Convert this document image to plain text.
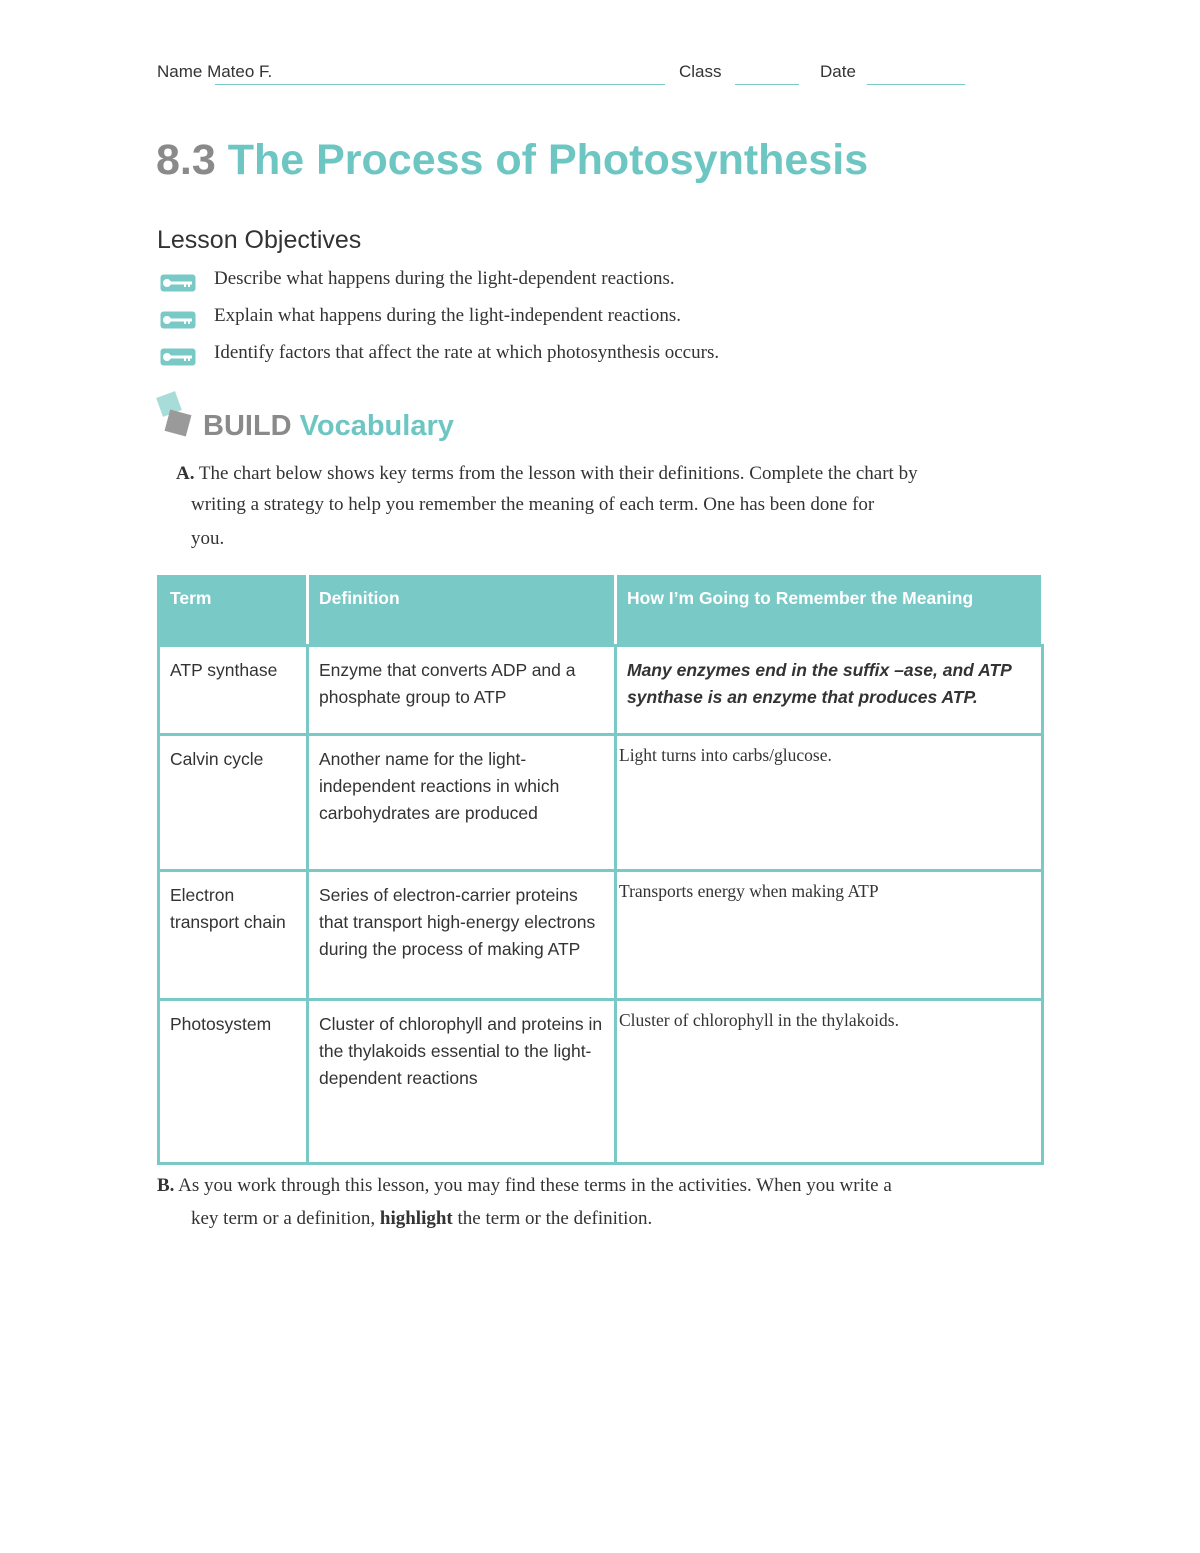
Name Mateo F.	Class	Date
8.3 The Process of Photosynthesis
Lesson Objectives
Describe what happens during the light-dependent reactions.
Explain what happens during the light-independent reactions.
Identify factors that affect the rate at which photosynthesis occurs.
BUILD Vocabulary
A. The chart below shows key terms from the lesson with their definitions. Complete the chart by
writing a strategy to help you remember the meaning of each term. One has been done for
you.
Term	Definition	How I’m Going to Remember the Meaning
ATP synthase	Enzyme that converts ADP and a phosphate group to ATP	Many enzymes end in the suffix –ase, and ATP synthase is an enzyme that produces ATP.
Calvin cycle	Another name for the light-independent reactions in which carbohydrates are produced	Light turns into carbs/glucose.
Electron transport chain	Series of electron-carrier proteins that transport high-energy electrons during the process of making ATP	Transports energy when making ATP
Photosystem	Cluster of chlorophyll and proteins in the thylakoids essential to the light-dependent reactions	Cluster of chlorophyll in the thylakoids.
B. As you work through this lesson, you may find these terms in the activities. When you write a
key term or a definition, highlight the term or the definition.
